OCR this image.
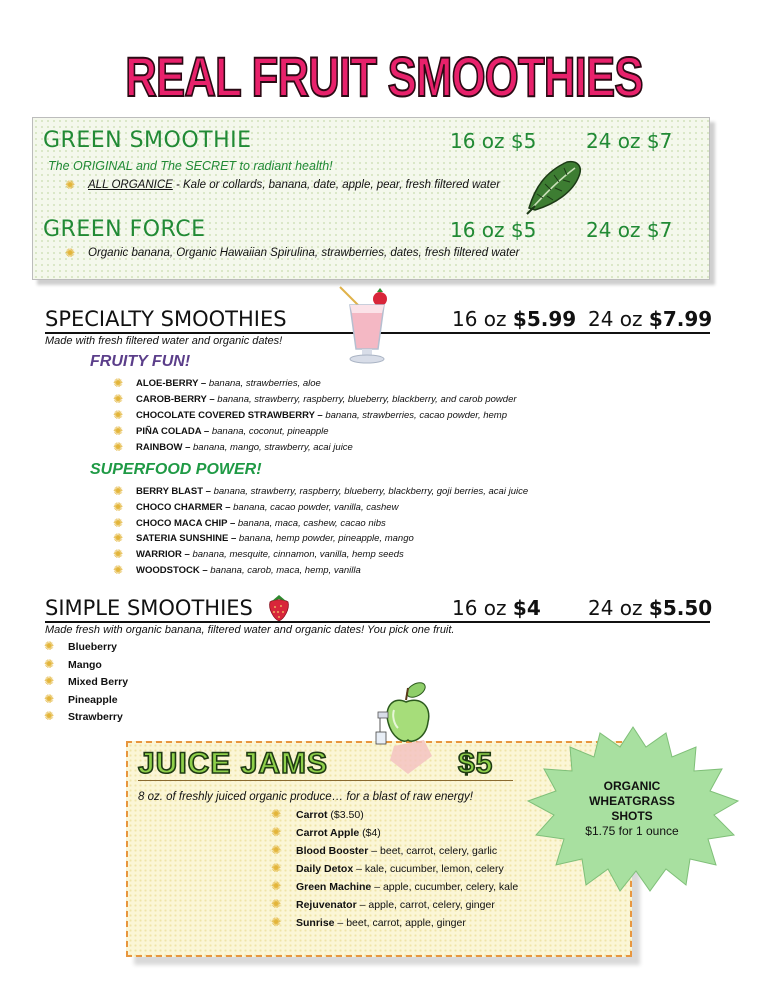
REAL FRUIT SMOOTHIES
GREEN SMOOTHIE	16 oz $5 24 oz $7
The ORIGINAL and The SECRET to radiant health!
✺ ALL ORGANICE - Kale or collards, banana, date, apple, pear, fresh filtered water
GREEN FORCE	16 oz $5 24 oz $7
✺ Organic banana, Organic Hawaiian Spirulina, strawberries, dates, fresh filtered water
SPECIALTY SMOOTHIES	16 oz $5.99 24 oz $7.99
Made with fresh filtered water and organic dates!
FRUITY FUN!
✺ ALOE-BERRY – banana, strawberries, aloe
✺ CAROB-BERRY – banana, strawberry, raspberry, blueberry, blackberry, and carob powder
✺ CHOCOLATE COVERED STRAWBERRY – banana, strawberries, cacao powder, hemp
✺ PIÑA COLADA – banana, coconut, pineapple
✺ RAINBOW – banana, mango, strawberry, acai juice
SUPERFOOD POWER!
✺ BERRY BLAST – banana, strawberry, raspberry, blueberry, blackberry, goji berries, acai juice
✺ CHOCO CHARMER – banana, cacao powder, vanilla, cashew
✺ CHOCO MACA CHIP – banana, maca, cashew, cacao nibs
✺ SATERIA SUNSHINE – banana, hemp powder, pineapple, mango
✺ WARRIOR – banana, mesquite, cinnamon, vanilla, hemp seeds
✺ WOODSTOCK – banana, carob, maca, hemp, vanilla
SIMPLE SMOOTHIES	16 oz $4 24 oz $5.50
Made fresh with organic banana, filtered water and organic dates! You pick one fruit.
✺ Blueberry
✺ Mango
✺ Mixed Berry
✺ Pineapple
✺ Strawberry
JUICE JAMS	$5
8 oz. of freshly juiced organic produce… for a blast of raw energy!
✺ Carrot ($3.50)
✺ Carrot Apple ($4)
✺ Blood Booster – beet, carrot, celery, garlic
✺ Daily Detox – kale, cucumber, lemon, celery
✺ Green Machine – apple, cucumber, celery, kale
✺ Rejuvenator – apple, carrot, celery, ginger
✺ Sunrise – beet, carrot, apple, ginger
ORGANIC
WHEATGRASS
SHOTS
$1.75 for 1 ounce
